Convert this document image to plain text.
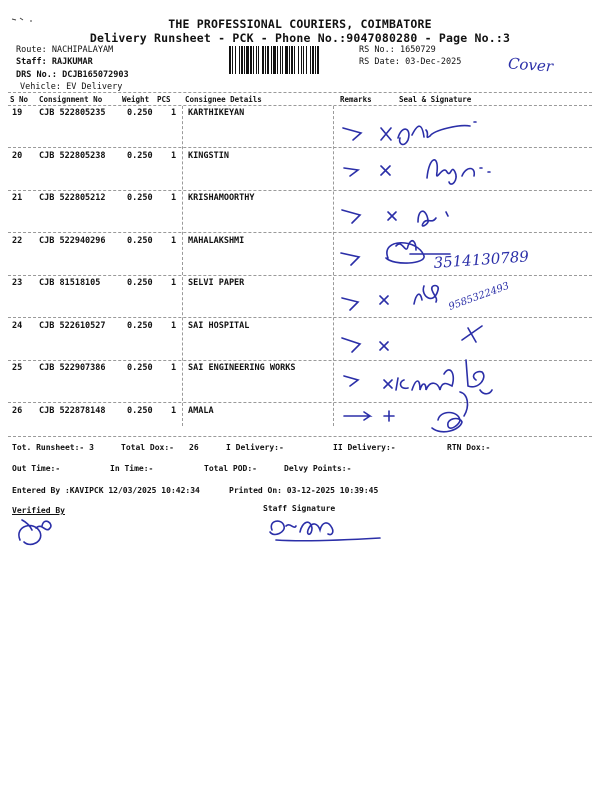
THE PROFESSIONAL COURIERS, COIMBATORE
Delivery Runsheet - PCK - Phone No.:9047080280 - Page No.:3
Route: NACHIPALAYAM
Staff: RAJKUMAR
DRS No.: DCJB165072903
Vehicle: EV Delivery
RS No.: 1650729
RS Date: 03-Dec-2025	Cover
S No Consignment No	Weight PCS Consignee Details	Remarks	Seal & Signature
19 CJB 522805235	0.250 1 KARTHIKEYAN
20 CJB 522805238	0.250 1 KINGSTIN
21 CJB 522805212	0.250 1 KRISHAMOORTHY
22 CJB 522940296	0.250 1 MAHALAKSHMI
23 CJB 81518105	0.250 1 SELVI PAPER
24 CJB 522610527	0.250 1 SAI HOSPITAL
25 CJB 522907386	0.250 1 SAI ENGINEERING WORKS
26 CJB 522878148	0.250 1 AMALA
3514130789
9585322493
Tot. Runsheet:- 3	Total Dox:- 26	I Delivery:-	II Delivery:-	RTN Dox:-
Out Time:-	In Time:-	Total POD:-	Delvy Points:-
Entered By :KAVIPCK 12/03/2025 10:42:34	Printed On: 03-12-2025 10:39:45
Verified By	Staff Signature
